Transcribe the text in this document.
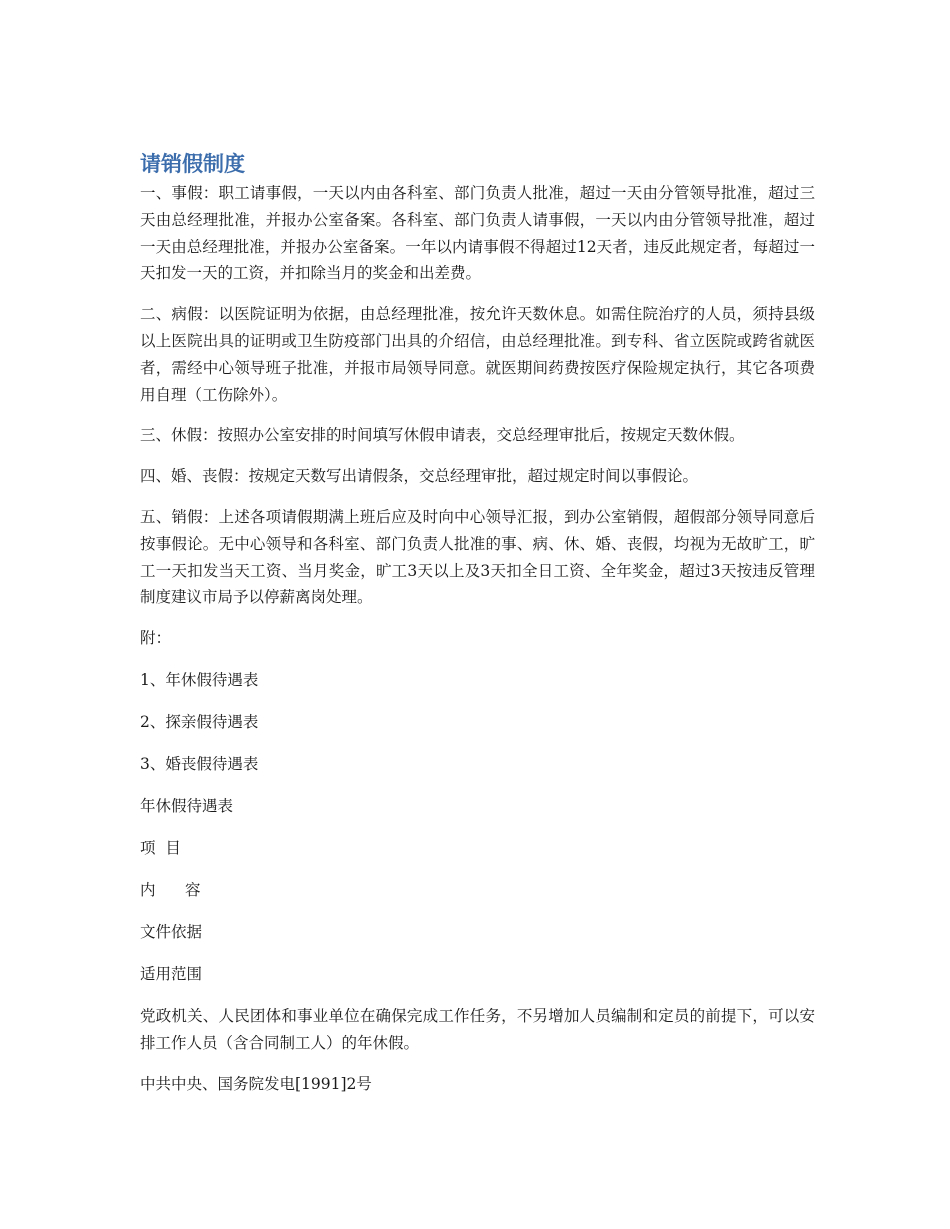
请销假制度
一、事假：职工请事假，一天以内由各科室、部门负责人批准，超过一天由分管领导批准，超过三天由总经理批准，并报办公室备案。各科室、部门负责人请事假，一天以内由分管领导批准，超过一天由总经理批准，并报办公室备案。一年以内请事假不得超过12天者，违反此规定者，每超过一天扣发一天的工资，并扣除当月的奖金和出差费。
二、病假：以医院证明为依据，由总经理批准，按允许天数休息。如需住院治疗的人员，须持县级以上医院出具的证明或卫生防疫部门出具的介绍信，由总经理批准。到专科、省立医院或跨省就医者，需经中心领导班子批准，并报市局领导同意。就医期间药费按医疗保险规定执行，其它各项费用自理（工伤除外）。
三、休假：按照办公室安排的时间填写休假申请表，交总经理审批后，按规定天数休假。
四、婚、丧假：按规定天数写出请假条，交总经理审批，超过规定时间以事假论。
五、销假：上述各项请假期满上班后应及时向中心领导汇报，到办公室销假，超假部分领导同意后按事假论。无中心领导和各科室、部门负责人批准的事、病、休、婚、丧假，均视为无故旷工，旷工一天扣发当天工资、当月奖金，旷工3天以上及3天扣全日工资、全年奖金，超过3天按违反管理制度建议市局予以停薪离岗处理。
附：
1、年休假待遇表
2、探亲假待遇表
3、婚丧假待遇表
年休假待遇表
项  目
内      容
文件依据
适用范围
党政机关、人民团体和事业单位在确保完成工作任务，不另增加人员编制和定员的前提下，可以安排工作人员（含合同制工人）的年休假。
中共中央、国务院发电[1991]2号
